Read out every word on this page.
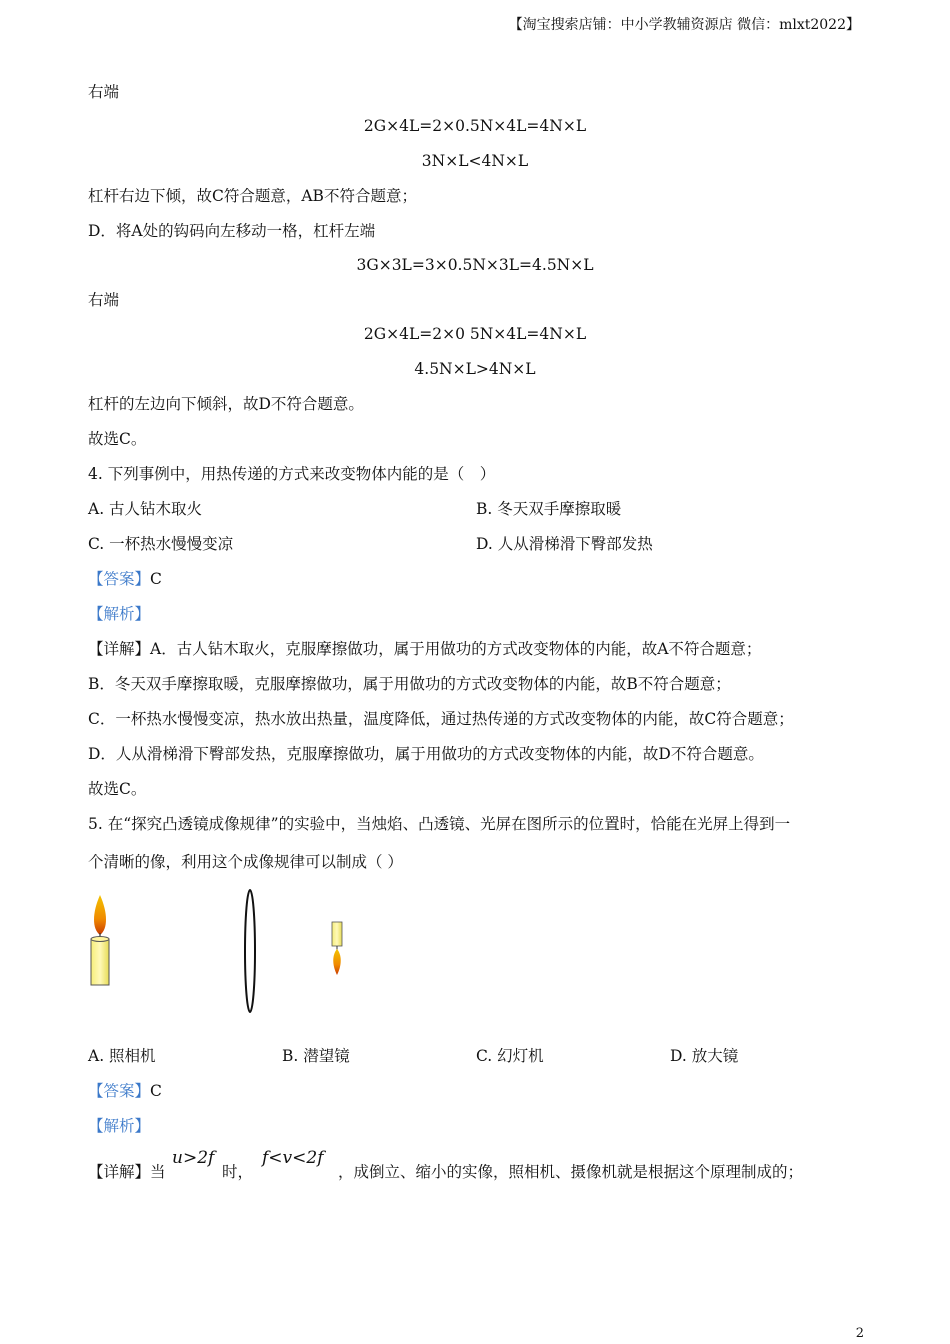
【淘宝搜索店铺：中小学教辅资源店 微信：mlxt2022】
右端
2G×4L=2×0.5N×4L=4N×L
3N×L<4N×L
杠杆右边下倾，故C符合题意，AB不符合题意；
D．将A处的钩码向左移动一格，杠杆左端
3G×3L=3×0.5N×3L=4.5N×L
右端
2G×4L=2×0 5N×4L=4N×L
4.5N×L>4N×L
杠杆的左边向下倾斜，故D不符合题意。
故选C。
4. 下列事例中，用热传递的方式来改变物体内能的是（　）
A. 古人钻木取火	B. 冬天双手摩擦取暖
C. 一杯热水慢慢变凉	D. 人从滑梯滑下臀部发热
【答案】C
【解析】
【详解】A．古人钻木取火，克服摩擦做功，属于用做功的方式改变物体的内能，故A不符合题意；
B．冬天双手摩擦取暖，克服摩擦做功，属于用做功的方式改变物体的内能，故B不符合题意；
C．一杯热水慢慢变凉，热水放出热量，温度降低，通过热传递的方式改变物体的内能，故C符合题意；
D．人从滑梯滑下臀部发热，克服摩擦做功，属于用做功的方式改变物体的内能，故D不符合题意。
故选C。
5. 在“探究凸透镜成像规律”的实验中，当烛焰、凸透镜、光屏在图所示的位置时，恰能在光屏上得到一
个清晰的像，利用这个成像规律可以制成（ ）
A. 照相机	B. 潜望镜	C. 幻灯机	D. 放大镜
【答案】C
【解析】
【详解】当
u>2f
时，
f<v<2f
，成倒立、缩小的实像，照相机、摄像机就是根据这个原理制成的；
2
